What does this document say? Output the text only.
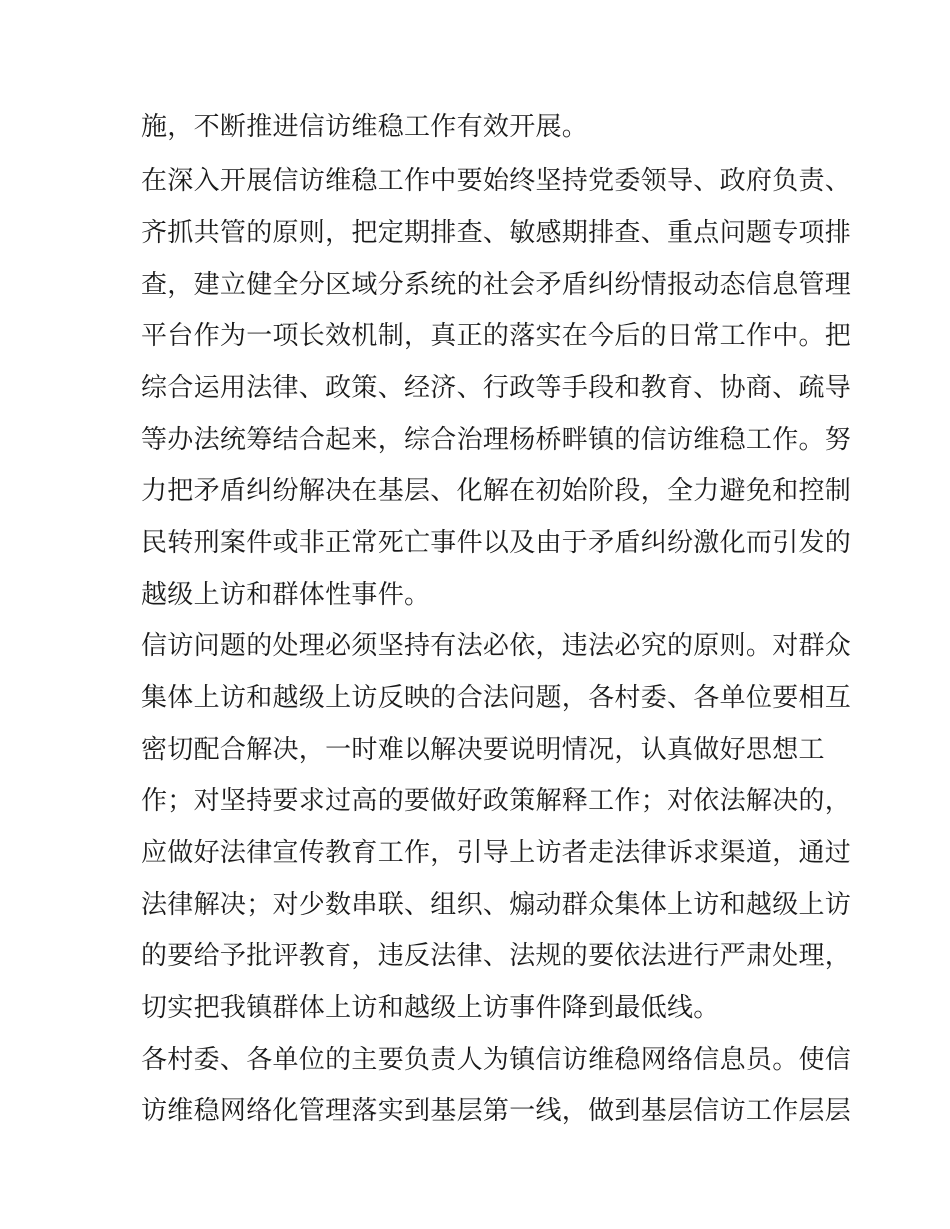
施，不断推进信访维稳工作有效开展。
在深入开展信访维稳工作中要始终坚持党委领导、政府负责、
齐抓共管的原则，把定期排查、敏感期排查、重点问题专项排
查，建立健全分区域分系统的社会矛盾纠纷情报动态信息管理
平台作为一项长效机制，真正的落实在今后的日常工作中。把
综合运用法律、政策、经济、行政等手段和教育、协商、疏导
等办法统筹结合起来，综合治理杨桥畔镇的信访维稳工作。努
力把矛盾纠纷解决在基层、化解在初始阶段，全力避免和控制
民转刑案件或非正常死亡事件以及由于矛盾纠纷激化而引发的
越级上访和群体性事件。
信访问题的处理必须坚持有法必依，违法必究的原则。对群众
集体上访和越级上访反映的合法问题，各村委、各单位要相互
密切配合解决，一时难以解决要说明情况，认真做好思想工
作；对坚持要求过高的要做好政策解释工作；对依法解决的，
应做好法律宣传教育工作，引导上访者走法律诉求渠道，通过
法律解决；对少数串联、组织、煽动群众集体上访和越级上访
的要给予批评教育，违反法律、法规的要依法进行严肃处理，
切实把我镇群体上访和越级上访事件降到最低线。
各村委、各单位的主要负责人为镇信访维稳网络信息员。使信
访维稳网络化管理落实到基层第一线，做到基层信访工作层层
